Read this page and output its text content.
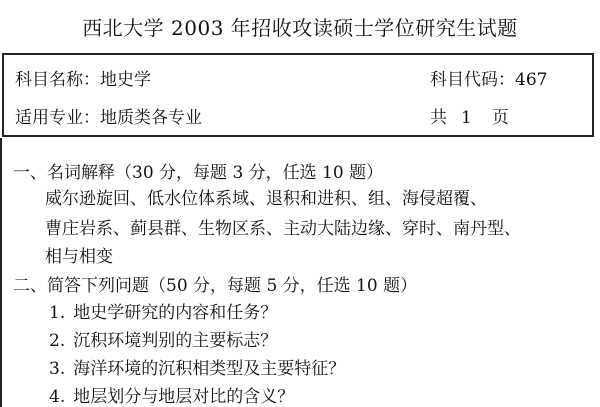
西北大学 2003 年招收攻读硕士学位研究生试题
科目名称：地史学	科目代码：467
适用专业：地质类各专业	共 1 页
一、名词解释（30 分，每题 3 分，任选 10 题）
威尔逊旋回、低水位体系域、退积和进积、组、海侵超覆、
曹庄岩系、蓟县群、生物区系、主动大陆边缘、穿时、南丹型、
相与相变
二、简答下列问题（50 分，每题 5 分，任选 10 题）
1. 地史学研究的内容和任务？
2. 沉积环境判别的主要标志？
3. 海洋环境的沉积相类型及主要特征？
4. 地层划分与地层对比的含义？
